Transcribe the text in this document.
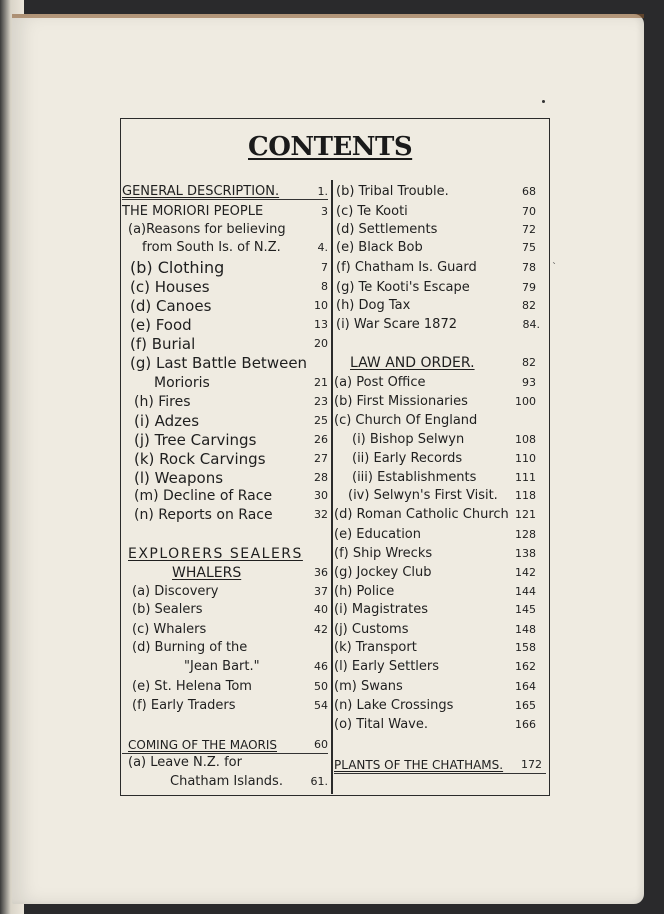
`
CONTENTS
GENERAL DESCRIPTION.	1.
THE MORIORI PEOPLE	3
(a)Reasons for believing
from South Is. of N.Z.	4.
(b) Clothing	7
(c) Houses	8
(d) Canoes	10
(e) Food	13
(f) Burial	20
(g) Last Battle Between
Morioris	21
(h) Fires	23
(i) Adzes	25
(j) Tree Carvings	26
(k) Rock Carvings	27
(l) Weapons	28
(m) Decline of Race	30
(n) Reports on Race	32
EXPLORERS SEALERS
WHALERS	36
(a) Discovery	37
(b) Sealers	40
(c) Whalers	42
(d) Burning of the
"Jean Bart."	46
(e) St. Helena Tom	50
(f) Early Traders	54
COMING OF THE MAORIS	60
(a) Leave N.Z. for
Chatham Islands.	61.
(b) Tribal Trouble.	68
(c) Te Kooti	70
(d) Settlements	72
(e) Black Bob	75
(f) Chatham Is. Guard	78
(g) Te Kooti's Escape	79
(h) Dog Tax	82
(i) War Scare 1872	84.
LAW AND ORDER.	82
(a) Post Office	93
(b) First Missionaries	100
(c) Church Of England
(i) Bishop Selwyn	108
(ii) Early Records	110
(iii) Establishments	111
(iv) Selwyn's First Visit. 118
(d) Roman Catholic Church 121
(e) Education	128
(f) Ship Wrecks	138
(g) Jockey Club	142
(h) Police	144
(i) Magistrates	145
(j) Customs	148
(k) Transport	158
(l) Early Settlers	162
(m) Swans	164
(n) Lake Crossings	165
(o) Tital Wave.	166
PLANTS OF THE CHATHAMS. 172
